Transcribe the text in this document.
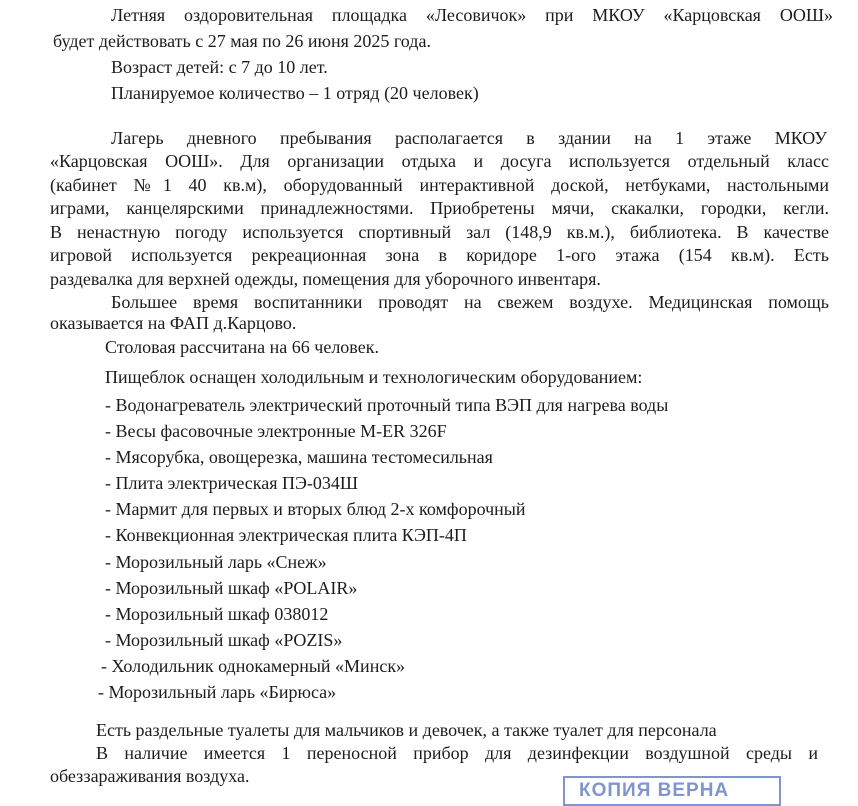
Летняя оздоровительная площадка «Лесовичок» при МКОУ «Карцовская ООШ»

будет действовать с 27 мая по 26 июня 2025 года.

Возраст детей: с 7 до 10 лет.

Планируемое количество – 1 отряд (20 человек)

Лагерь дневного пребывания располагается в здании на 1 этаже МКОУ

«Карцовская ООШ». Для организации отдыха и досуга используется отдельный класс

(кабинет №1 40 кв.м), оборудованный интерактивной доской, нетбуками, настольными

играми, канцелярскими принадлежностями. Приобретены мячи, скакалки, городки, кегли.

В ненастную погоду используется спортивный зал (148,9 кв.м.), библиотека. В качестве

игровой используется рекреационная зона в коридоре 1-ого этажа (154 кв.м). Есть

раздевалка для верхней одежды, помещения для уборочного инвентаря.

Большее время воспитанники проводят на свежем воздухе. Медицинская помощь

оказывается на ФАП д.Карцово.

Столовая рассчитана на 66 человек.

Пищеблок оснащен холодильным и технологическим оборудованием:

- Водонагреватель электрический проточный типа ВЭП для нагрева воды

- Весы фасовочные электронные M-ER 326F

- Мясорубка, овощерезка, машина тестомесильная

- Плита электрическая ПЭ-034Ш

- Мармит для первых и вторых блюд 2-х комфорочный

- Конвекционная электрическая плита КЭП-4П

- Морозильный ларь «Снеж»

- Морозильный шкаф «POLAIR»

- Морозильный шкаф 038012

- Морозильный шкаф «POZIS»

- Холодильник однокамерный «Минск»

- Морозильный ларь «Бирюса»

Есть раздельные туалеты для мальчиков и девочек, а также туалет для персонала

В наличие имеется 1 переносной прибор для дезинфекции воздушной среды и

обеззараживания воздуха.

КОПИЯ ВЕРНА
